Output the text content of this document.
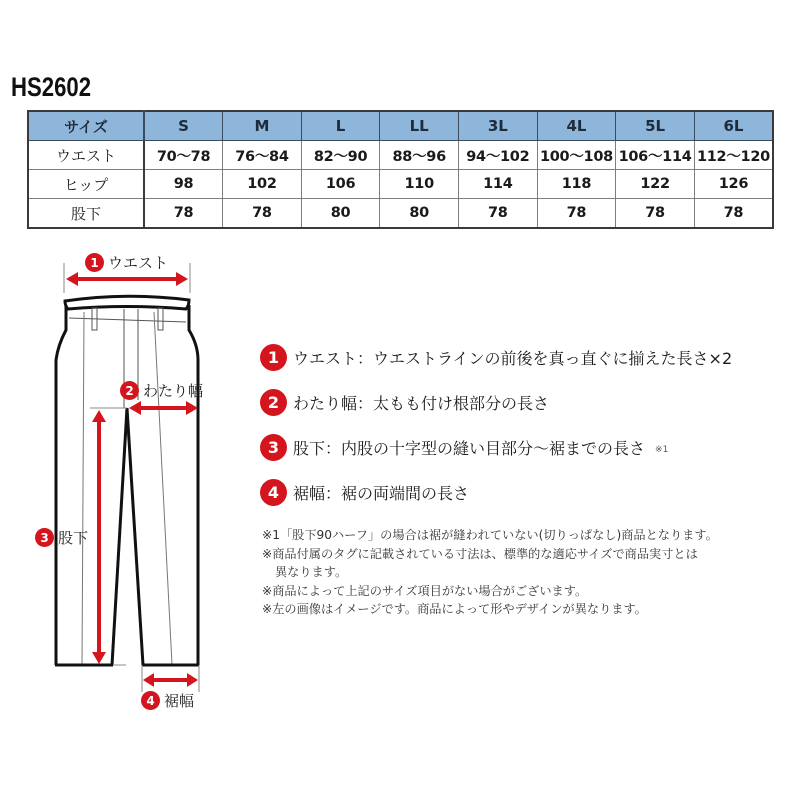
HS2602
サイズ	S	M	L	LL	3L	4L	5L	6L
ウエスト	70〜78	76〜84	82〜90	88〜96	94〜102	100〜108	106〜114	112〜120
ヒップ	98	102	106	110	114	118	122	126
股下	78	78	80	80	78	78	78	78
1 ウエスト
2 わたり幅
3 股下
4 裾幅
1 ウエスト ：ウエストラインの前後を真っ直ぐに揃えた長さ×2
2 わたり幅 ：太もも付け根部分の長さ
3 股下 ：内股の十字型の縫い目部分〜裾までの長さ ※1
4 裾幅 ：裾の両端間の長さ

※1「股下90ハーフ」の場合は裾が縫われていない(切りっぱなし)商品となります。

※商品付属のタグに記載されている寸法は、標準的な適応サイズで商品実寸とは

異なります。

※商品によって上記のサイズ項目がない場合がございます。

※左の画像はイメージです。商品によって形やデザインが異なります。
